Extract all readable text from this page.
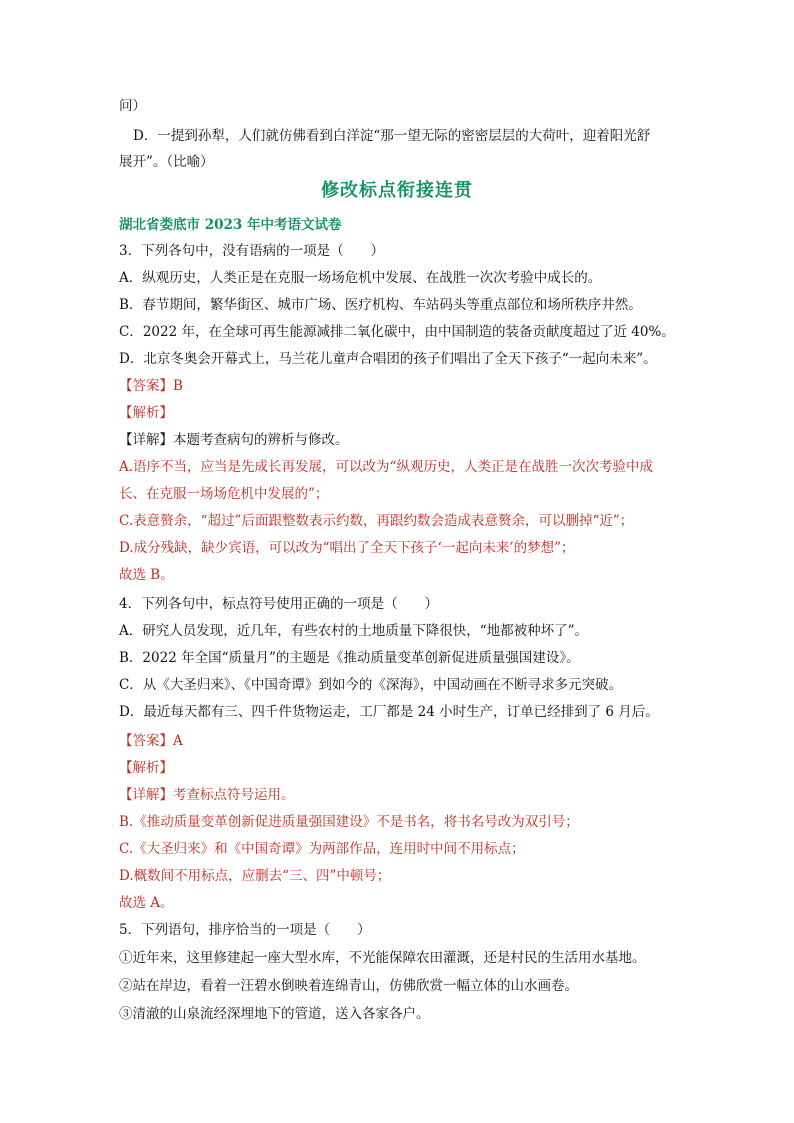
问）
D．一提到孙犁，人们就仿佛看到白洋淀“那一望无际的密密层层的大荷叶，迎着阳光舒
展开”。（比喻）
修改标点衔接连贯
湖北省娄底市 2023 年中考语文试卷
3．下列各句中，没有语病的一项是（　　）
A．纵观历史，人类正是在克服一场场危机中发展、在战胜一次次考验中成长的。
B．春节期间，繁华街区、城市广场、医疗机构、车站码头等重点部位和场所秩序井然。
C．2022 年，在全球可再生能源减排二氧化碳中，由中国制造的装备贡献度超过了近 40%。
D．北京冬奥会开幕式上，马兰花儿童声合唱团的孩子们唱出了全天下孩子“一起向未来”。
【答案】B
【解析】
【详解】本题考查病句的辨析与修改。
A.语序不当，应当是先成长再发展，可以改为“纵观历史，人类正是在战胜一次次考验中成
长、在克服一场场危机中发展的”；
C.表意赘余，“超过”后面跟整数表示约数，再跟约数会造成表意赘余，可以删掉“近”；
D.成分残缺，缺少宾语，可以改为“唱出了全天下孩子‘一起向未来’的梦想”；
故选 B。
4．下列各句中，标点符号使用正确的一项是（　　）
A．研究人员发现，近几年，有些农村的土地质量下降很快，“地都被种坏了”。
B．2022 年全国“质量月”的主题是《推动质量变革创新促进质量强国建设》。
C．从《大圣归来》、《中国奇谭》到如今的《深海》，中国动画在不断寻求多元突破。
D．最近每天都有三、四千件货物运走，工厂都是 24 小时生产，订单已经排到了 6 月后。
【答案】A
【解析】
【详解】考查标点符号运用。
B.《推动质量变革创新促进质量强国建设》不是书名，将书名号改为双引号；
C.《大圣归来》和《中国奇谭》为两部作品，连用时中间不用标点；
D.概数间不用标点，应删去“三、四”中顿号；
故选 A。
5．下列语句，排序恰当的一项是（　　）
①近年来，这里修建起一座大型水库，不光能保障农田灌溉，还是村民的生活用水基地。
②站在岸边，看着一汪碧水倒映着连绵青山，仿佛欣赏一幅立体的山水画卷。
③清澈的山泉流经深埋地下的管道，送入各家各户。
